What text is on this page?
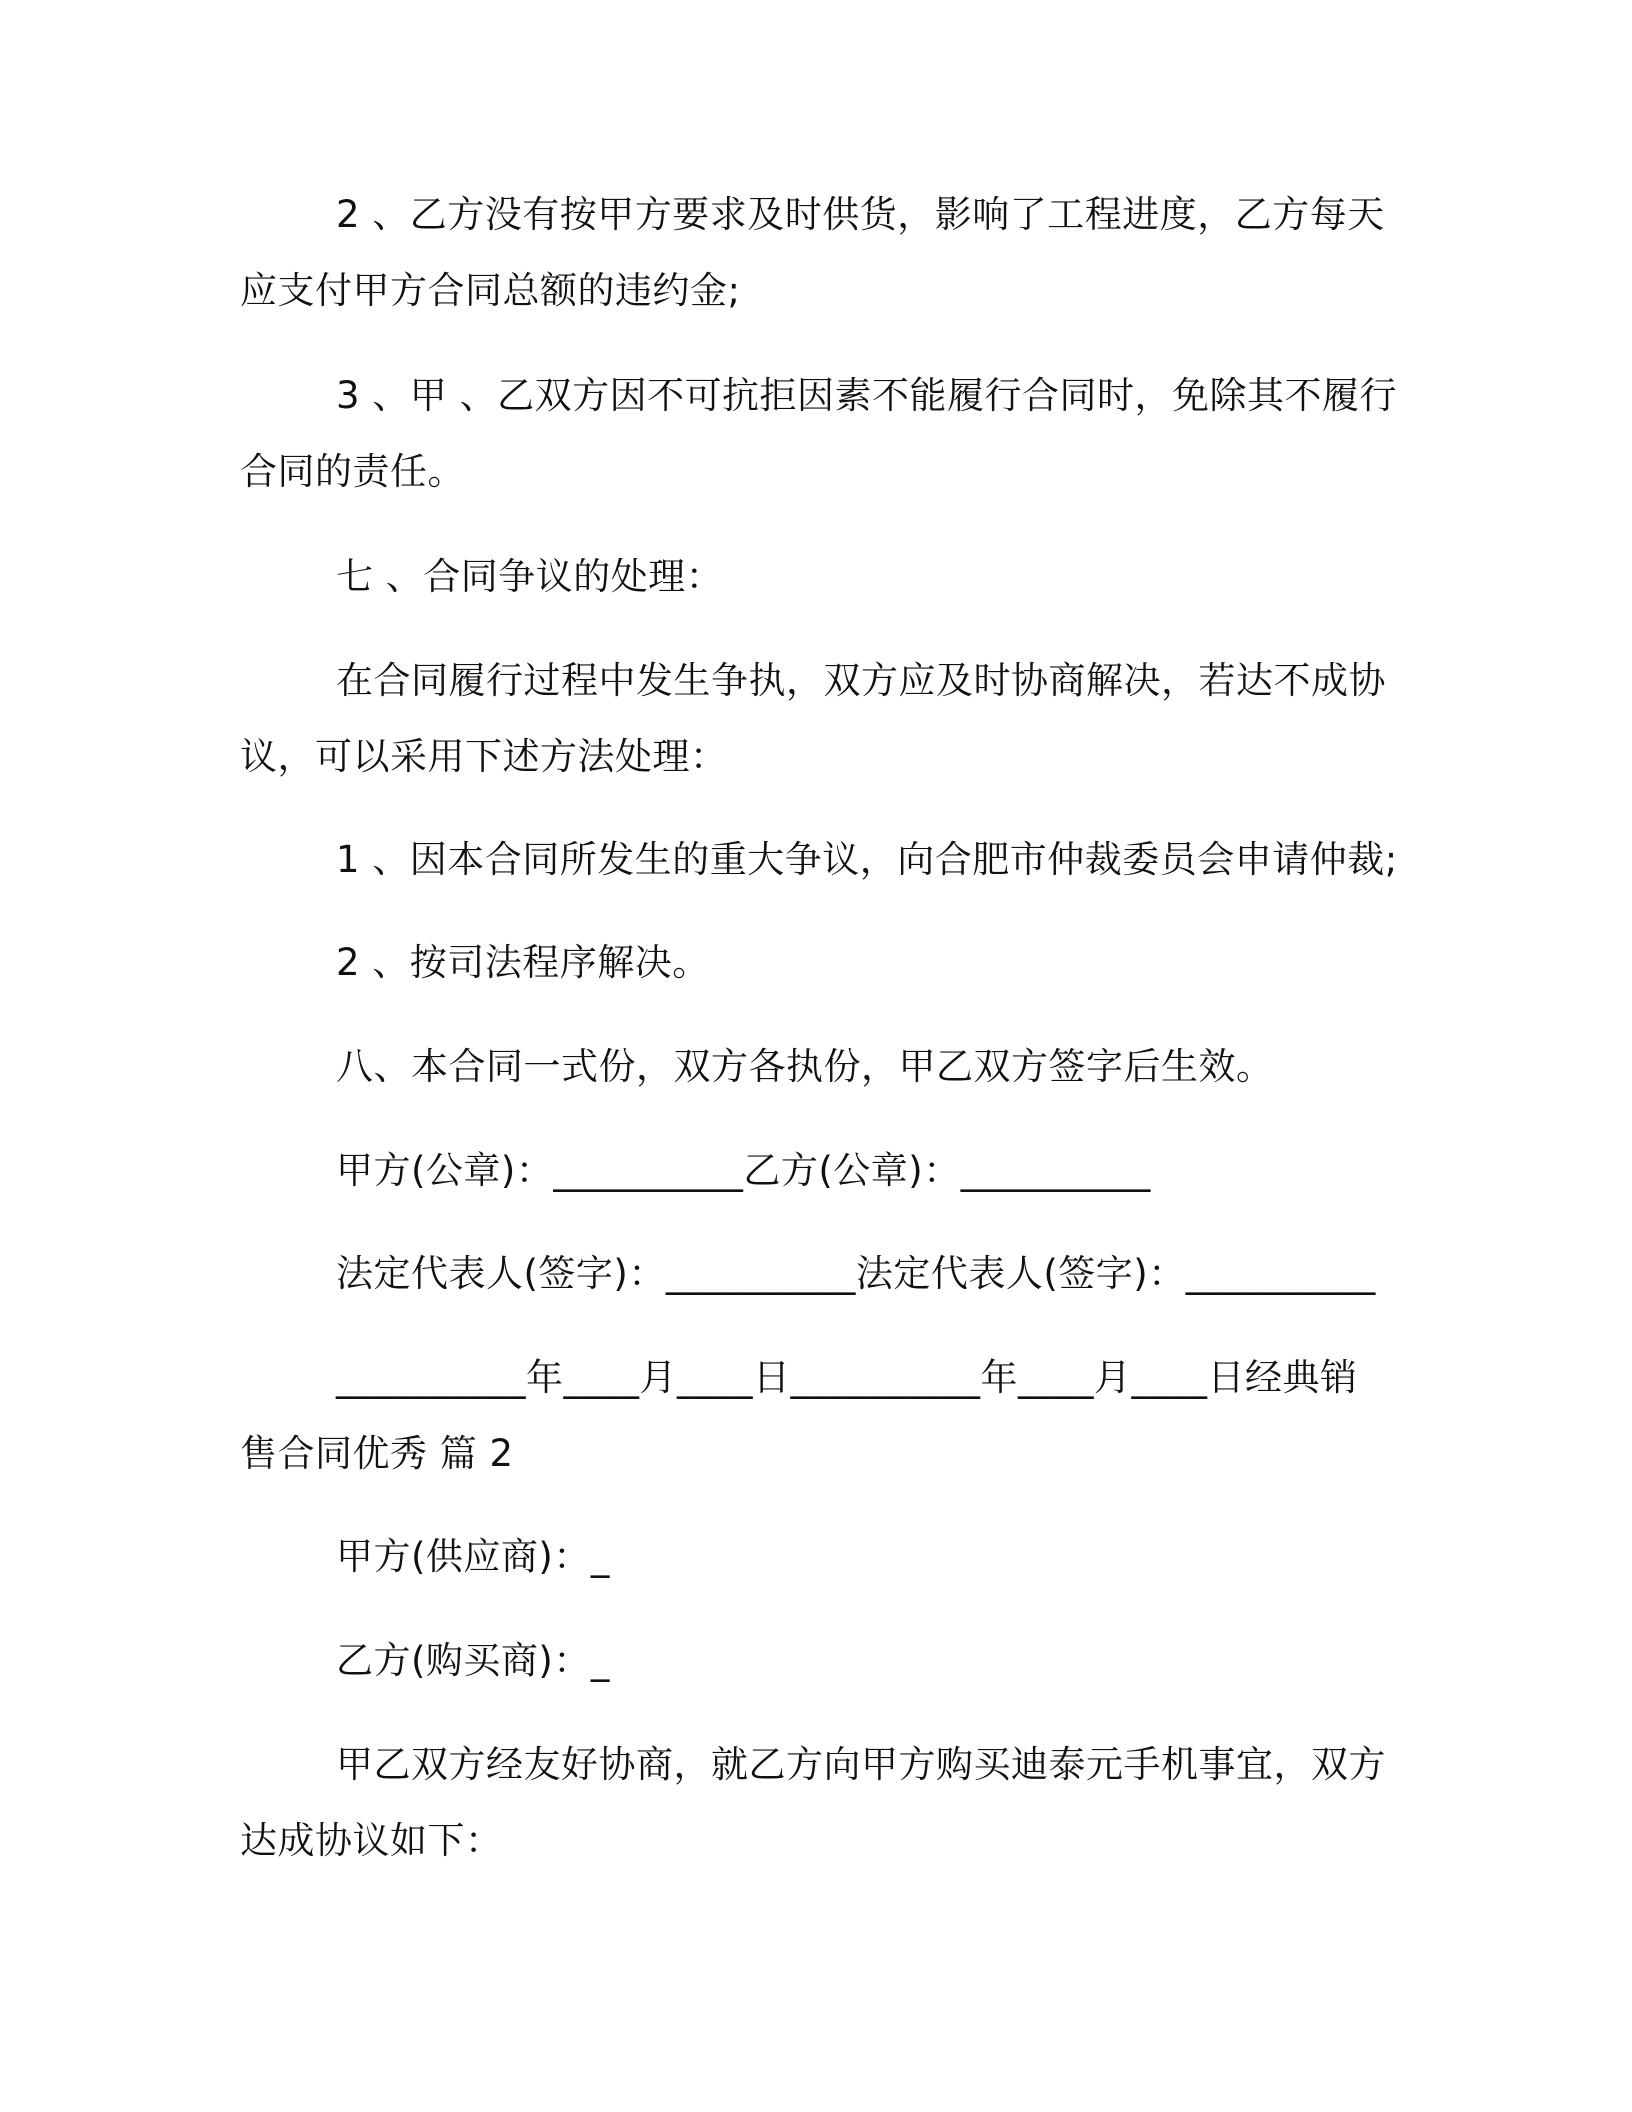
2 、乙方没有按甲方要求及时供货，影响了工程进度，乙方每天
应支付甲方合同总额的违约金;

3 、甲 、乙双方因不可抗拒因素不能履行合同时，免除其不履行
合同的责任。

七 、合同争议的处理：

在合同履行过程中发生争执，双方应及时协商解决，若达不成协
议，可以采用下述方法处理：

1 、因本合同所发生的重大争议，向合肥市仲裁委员会申请仲裁;

2 、按司法程序解决。

八、本合同一式份，双方各执份，甲乙双方签字后生效。

甲方(公章)：__________乙方(公章)：__________

法定代表人(签字)：__________法定代表人(签字)：__________

__________年____月____日__________年____月____日经典销
售合同优秀 篇 2

甲方(供应商)：_

乙方(购买商)：_

甲乙双方经友好协商，就乙方向甲方购买迪泰元手机事宜，双方
达成协议如下：
